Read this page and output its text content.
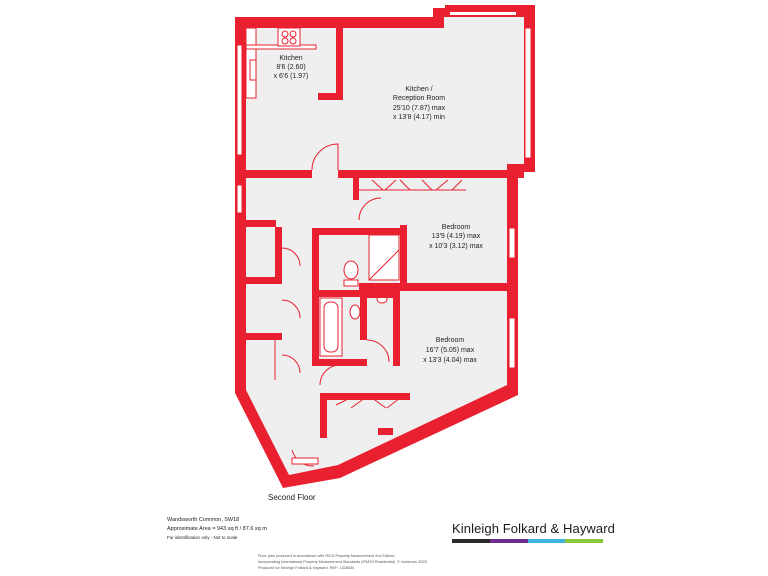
Kitchen
8'6 (2.60)
x 6'6 (1.97)
Kitchen /
Reception Room
25'10 (7.87) max
x 13'8 (4.17) min
Bedroom
13'9 (4.19) max
x 10'3 (3.12) max
Bedroom
16'7 (5.05) max
x 13'3 (4.04) max
Second Floor
Wandsworth Common, SW18
Approximate Area = 943 sq ft / 87.6 sq m
For identification only - Not to scale
Kinleigh Folkard & Hayward
Floor plan produced in accordance with RICS Property Measurement 2nd Edition,
Incorporating International Property Measurement Standards (IPMS2 Residential). © nichecom 2025.
Produced for Kinleigh Folkard & Hayward. REF: 1328634
